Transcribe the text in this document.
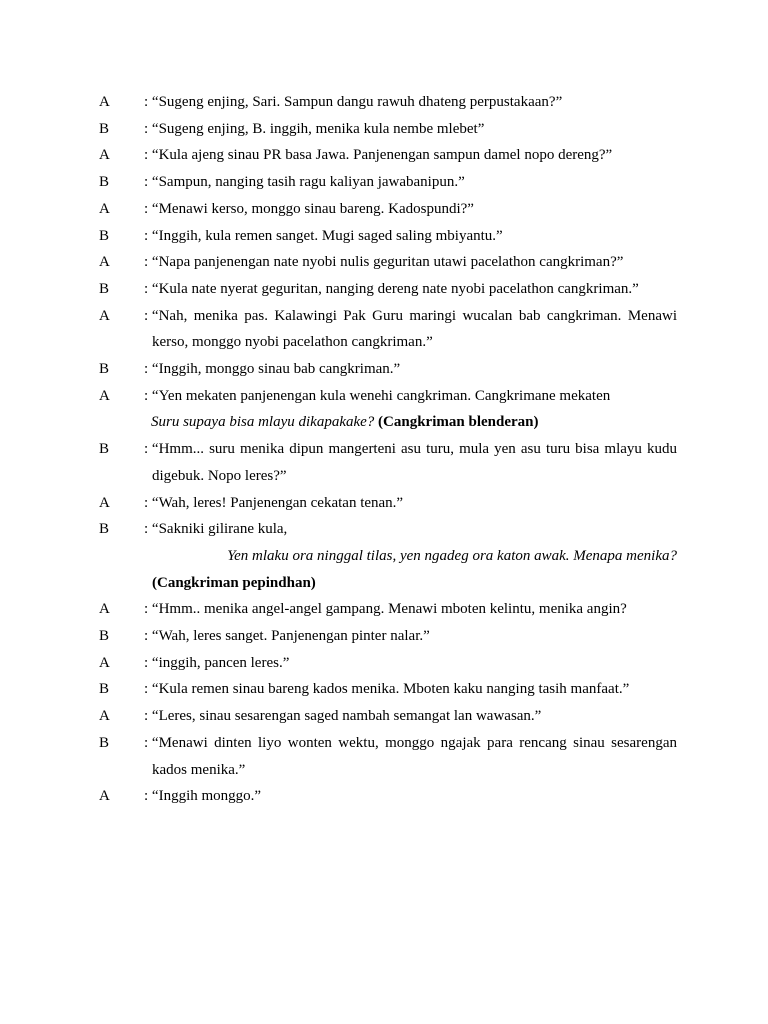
A	: “Sugeng enjing, Sari. Sampun dangu rawuh dhateng perpustakaan?”
B	: “Sugeng enjing, B. inggih, menika kula nembe mlebet”
A	: “Kula ajeng sinau PR basa Jawa. Panjenengan sampun damel nopo dereng?”
B	: “Sampun, nanging tasih ragu kaliyan jawabanipun.”
A	: “Menawi kerso, monggo sinau bareng. Kadospundi?”
B	: “Inggih, kula remen sanget. Mugi saged saling mbiyantu.”
A	: “Napa panjenengan nate nyobi nulis geguritan utawi pacelathon cangkriman?”
B	: “Kula nate nyerat geguritan, nanging dereng nate nyobi pacelathon cangkriman.”
A	: “Nah, menika pas. Kalawingi Pak Guru maringi wucalan bab cangkriman. Menawi
kerso, monggo nyobi pacelathon cangkriman.”
B	: “Inggih, monggo sinau bab cangkriman.”
A	: “Yen mekaten panjenengan kula wenehi cangkriman. Cangkrimane mekaten
Suru supaya bisa mlayu dikapakake? (Cangkriman blenderan)
B	: “Hmm... suru menika dipun mangerteni asu turu, mula yen asu turu bisa mlayu kudu
digebuk. Nopo leres?”
A	: “Wah, leres! Panjenengan cekatan tenan.”
B	: “Sakniki gilirane kula,
Yen mlaku ora ninggal tilas, yen ngadeg ora katon awak. Menapa menika?
(Cangkriman pepindhan)
A	: “Hmm.. menika angel-angel gampang. Menawi mboten kelintu, menika angin?
B	: “Wah, leres sanget. Panjenengan pinter nalar.”
A	: “inggih, pancen leres.”
B	: “Kula remen sinau bareng kados menika. Mboten kaku nanging tasih manfaat.”
A	: “Leres, sinau sesarengan saged nambah semangat lan wawasan.”
B	: “Menawi dinten liyo wonten wektu, monggo ngajak para rencang sinau sesarengan
kados menika.”
A	: “Inggih monggo.”
